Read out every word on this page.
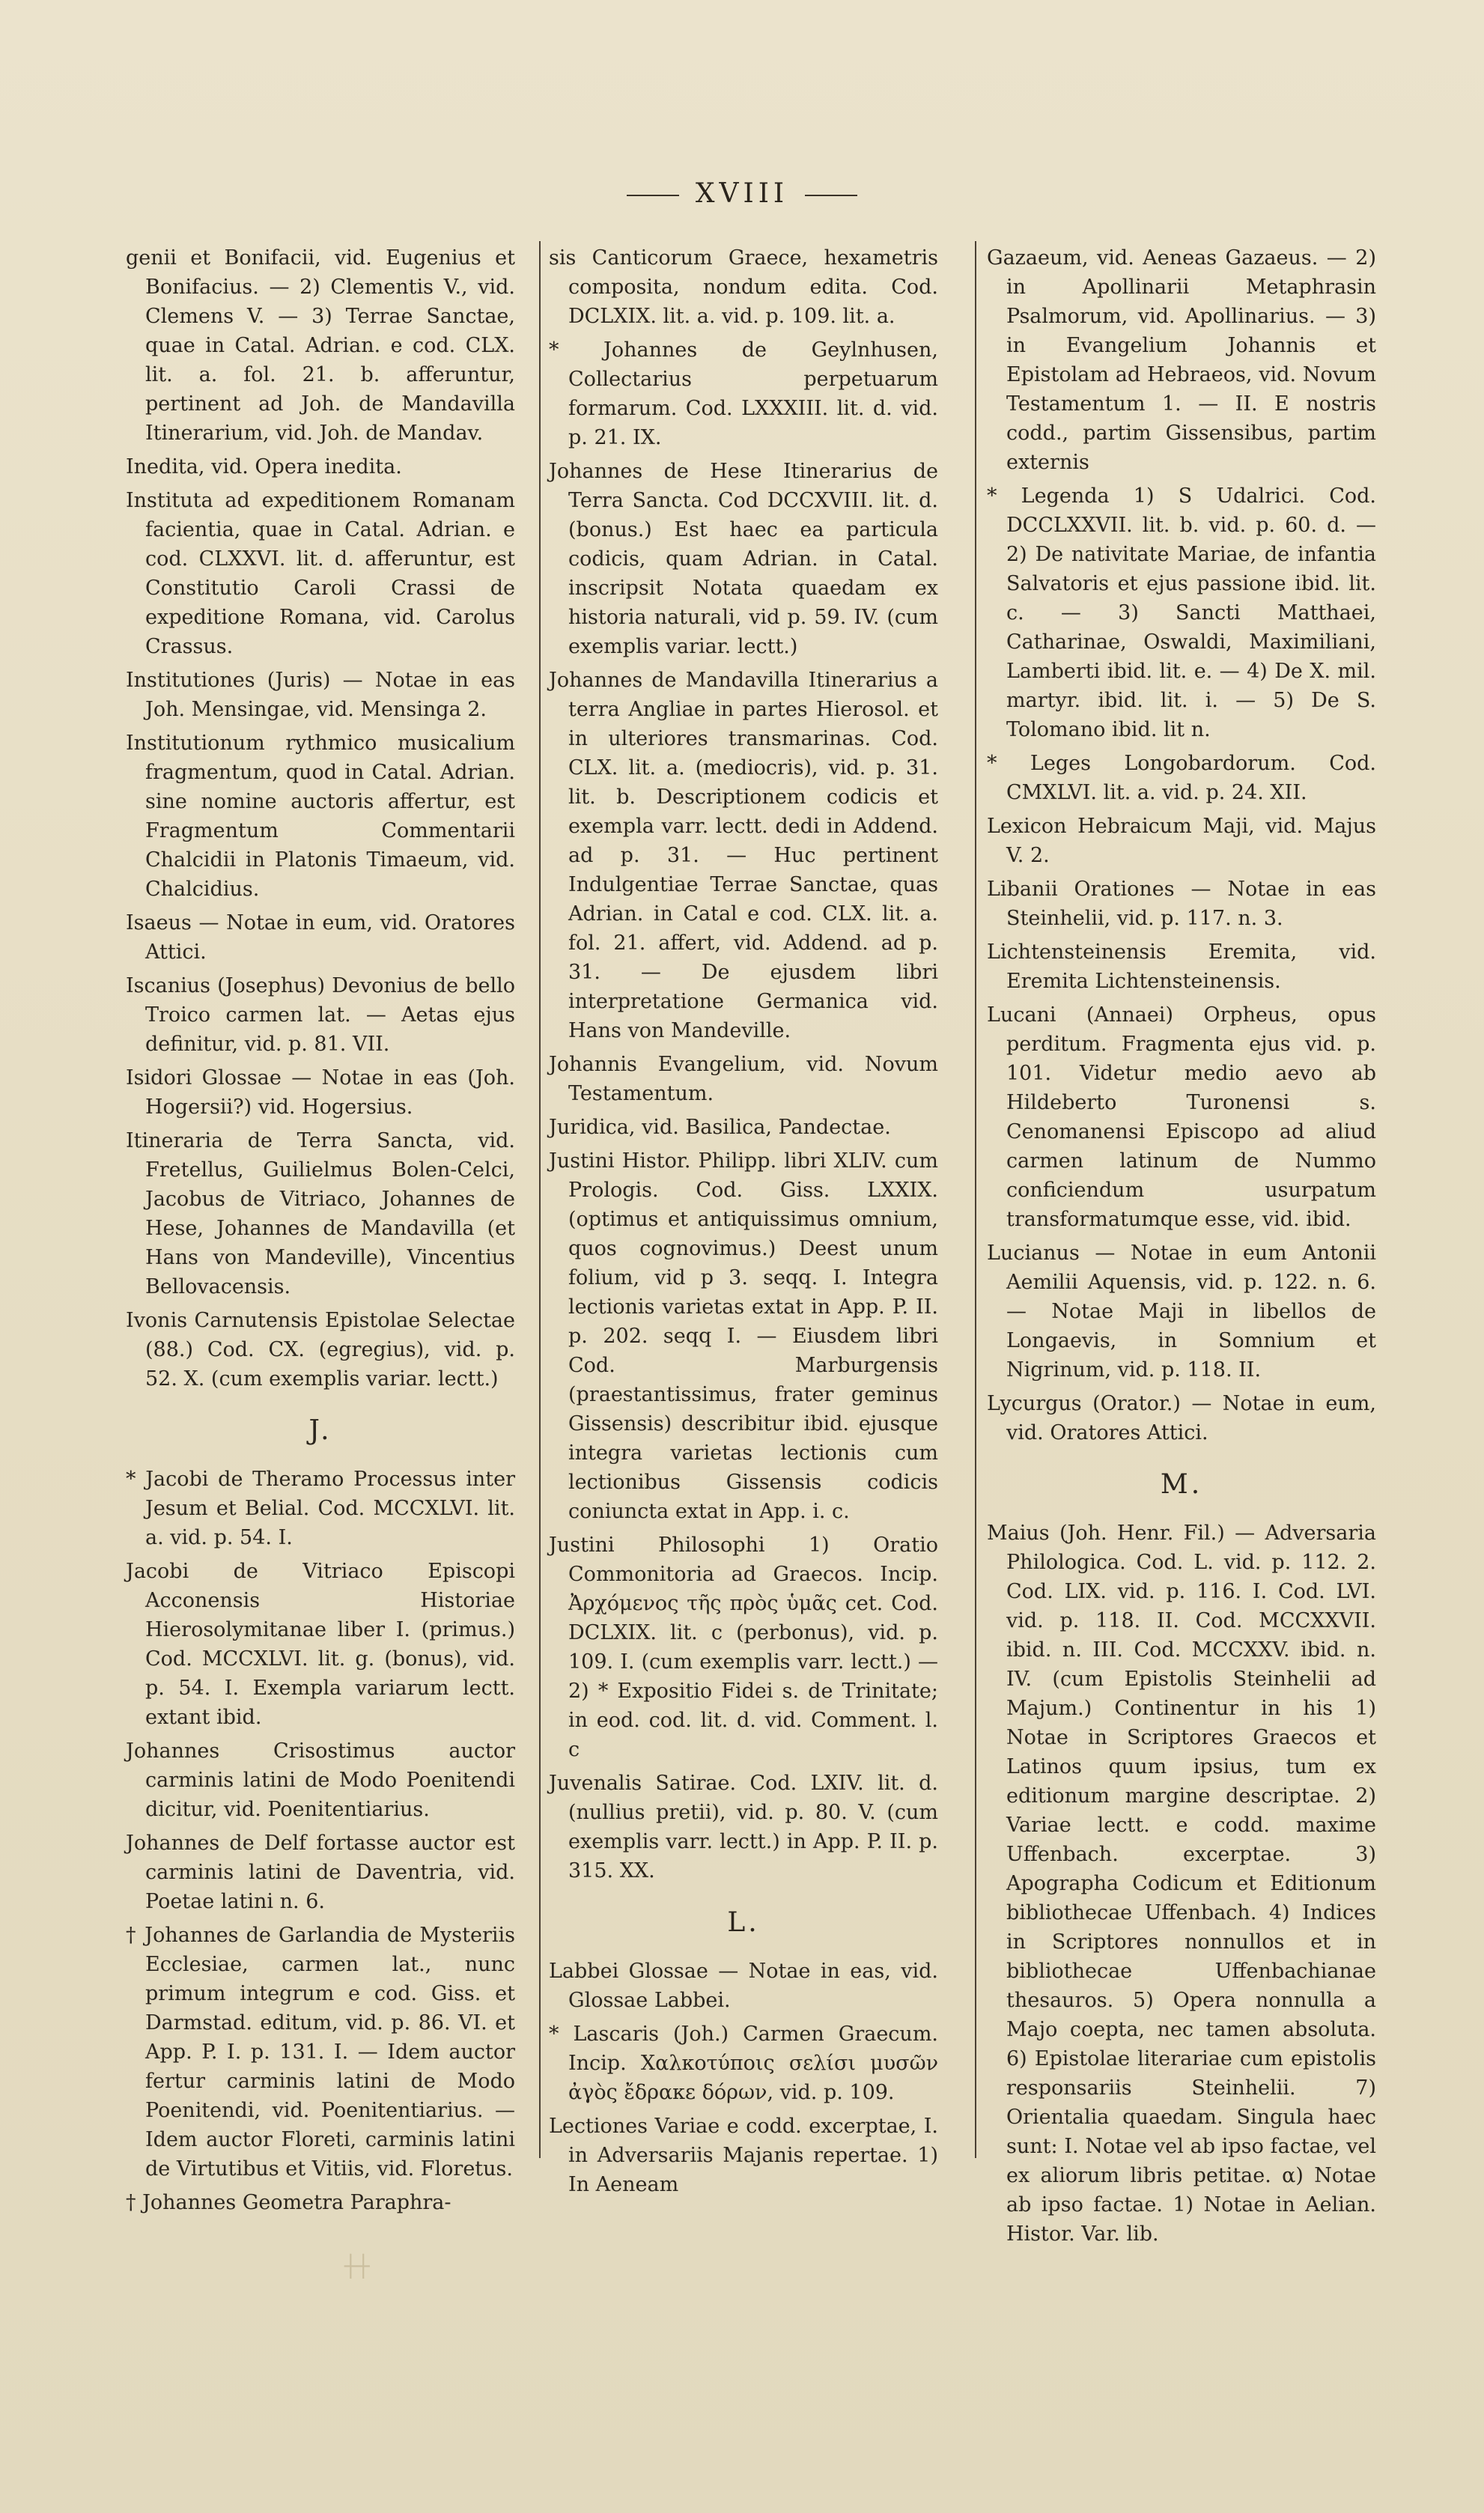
XVIII

genii et Bonifacii, vid. Eugenius et Bonifacius. — 2) Clementis V., vid. Clemens V. — 3) Terrae Sanctae, quae in Catal. Adrian. e cod. CLX. lit. a. fol. 21. b. afferuntur, pertinent ad Joh. de Mandavilla Itinerarium, vid. Joh. de Mandav.

Inedita, vid. Opera inedita.

Instituta ad expeditionem Romanam facientia, quae in Catal. Adrian. e cod. CLXXVI. lit. d. afferuntur, est Constitutio Caroli Crassi de expeditione Romana, vid. Carolus Crassus.

Institutiones (Juris) — Notae in eas Joh. Mensingae, vid. Mensinga 2.

Institutionum rythmico musicalium fragmentum, quod in Catal. Adrian. sine nomine auctoris affertur, est Fragmentum Commentarii Chalcidii in Platonis Timaeum, vid. Chalcidius.

Isaeus — Notae in eum, vid. Oratores Attici.

Iscanius (Josephus) Devonius de bello Troico carmen lat. — Aetas ejus definitur, vid. p. 81. VII.

Isidori Glossae — Notae in eas (Joh. Hogersii?) vid. Hogersius.

Itineraria de Terra Sancta, vid. Fretellus, Guilielmus Bolen-Celci, Jacobus de Vitriaco, Johannes de Hese, Johannes de Mandavilla (et Hans von Mandeville), Vincentius Bellovacensis.

Ivonis Carnutensis Epistolae Selectae (88.) Cod. CX. (egregius), vid. p. 52. X. (cum exemplis variar. lectt.)

J.

* Jacobi de Theramo Processus inter Jesum et Belial. Cod. MCCXLVI. lit. a. vid. p. 54. I.

Jacobi de Vitriaco Episcopi Acconensis Historiae Hierosolymitanae liber I. (primus.) Cod. MCCXLVI. lit. g. (bonus), vid. p. 54. I. Exempla variarum lectt. extant ibid.

Johannes Crisostimus auctor carminis latini de Modo Poenitendi dicitur, vid. Poenitentiarius.

Johannes de Delf fortasse auctor est carminis latini de Daventria, vid. Poetae latini n. 6.

† Johannes de Garlandia de Mysteriis Ecclesiae, carmen lat., nunc primum integrum e cod. Giss. et Darmstad. editum, vid. p. 86. VI. et App. P. I. p. 131. I. — Idem auctor fertur carminis latini de Modo Poenitendi, vid. Poenitentiarius. — Idem auctor Floreti, carminis latini de Virtutibus et Vitiis, vid. Floretus.

† Johannes Geometra Paraphra-

sis Canticorum Graece, hexametris composita, nondum edita. Cod. DCLXIX. lit. a. vid. p. 109. lit. a.

* Johannes de Geylnhusen, Collectarius perpetuarum formarum. Cod. LXXXIII. lit. d. vid. p. 21. IX.

Johannes de Hese Itinerarius de Terra Sancta. Cod DCCXVIII. lit. d. (bonus.) Est haec ea particula codicis, quam Adrian. in Catal. inscripsit Notata quaedam ex historia naturali, vid p. 59. IV. (cum exemplis variar. lectt.)

Johannes de Mandavilla Itinerarius a terra Angliae in partes Hierosol. et in ulteriores transmarinas. Cod. CLX. lit. a. (mediocris), vid. p. 31. lit. b. Descriptionem codicis et exempla varr. lectt. dedi in Addend. ad p. 31. — Huc pertinent Indulgentiae Terrae Sanctae, quas Adrian. in Catal e cod. CLX. lit. a. fol. 21. affert, vid. Addend. ad p. 31. — De ejusdem libri interpretatione Germanica vid. Hans von Mandeville.

Johannis Evangelium, vid. Novum Testamentum.

Juridica, vid. Basilica, Pandectae.

Justini Histor. Philipp. libri XLIV. cum Prologis. Cod. Giss. LXXIX. (optimus et antiquissimus omnium, quos cognovimus.) Deest unum folium, vid p 3. seqq. I. Integra lectionis varietas extat in App. P. II. p. 202. seqq I. — Eiusdem libri Cod. Marburgensis (praestantissimus, frater geminus Gissensis) describitur ibid. ejusque integra varietas lectionis cum lectionibus Gissensis codicis coniuncta extat in App. i. c.

Justini Philosophi 1) Oratio Commonitoria ad Graecos. Incip. Ἀρχόμενος τῆς πρὸς ὑμᾶς cet. Cod. DCLXIX. lit. c (perbonus), vid. p. 109. I. (cum exemplis varr. lectt.) — 2) * Expositio Fidei s. de Trinitate; in eod. cod. lit. d. vid. Comment. l. c

Juvenalis Satirae. Cod. LXIV. lit. d. (nullius pretii), vid. p. 80. V. (cum exemplis varr. lectt.) in App. P. II. p. 315. XX.

L.

Labbei Glossae — Notae in eas, vid. Glossae Labbei.

* Lascaris (Joh.) Carmen Graecum. Incip. Χαλκοτύποις σελίσι μυσῶν ἀγὸς ἔδρακε δόρων, vid. p. 109.

Lectiones Variae e codd. excerptae, I. in Adversariis Majanis repertae. 1) In Aeneam

Gazaeum, vid. Aeneas Gazaeus. — 2) in Apollinarii Metaphrasin Psalmorum, vid. Apollinarius. — 3) in Evangelium Johannis et Epistolam ad Hebraeos, vid. Novum Testamentum 1. — II. E nostris codd., partim Gissensibus, partim externis

* Legenda 1) S Udalrici. Cod. DCCLXXVII. lit. b. vid. p. 60. d. — 2) De nativitate Mariae, de infantia Salvatoris et ejus passione ibid. lit. c. — 3) Sancti Matthaei, Catharinae, Oswaldi, Maximiliani, Lamberti ibid. lit. e. — 4) De X. mil. martyr. ibid. lit. i. — 5) De S. Tolomano ibid. lit n.

* Leges Longobardorum. Cod. CMXLVI. lit. a. vid. p. 24. XII.

Lexicon Hebraicum Maji, vid. Majus V. 2.

Libanii Orationes — Notae in eas Steinhelii, vid. p. 117. n. 3.

Lichtensteinensis Eremita, vid. Eremita Lichtensteinensis.

Lucani (Annaei) Orpheus, opus perditum. Fragmenta ejus vid. p. 101. Videtur medio aevo ab Hildeberto Turonensi s. Cenomanensi Episcopo ad aliud carmen latinum de Nummo conficiendum usurpatum transformatumque esse, vid. ibid.

Lucianus — Notae in eum Antonii Aemilii Aquensis, vid. p. 122. n. 6. — Notae Maji in libellos de Longaevis, in Somnium et Nigrinum, vid. p. 118. II.

Lycurgus (Orator.) — Notae in eum, vid. Oratores Attici.

M.

Maius (Joh. Henr. Fil.) — Adversaria Philologica. Cod. L. vid. p. 112. 2. Cod. LIX. vid. p. 116. I. Cod. LVI. vid. p. 118. II. Cod. MCCXXVII. ibid. n. III. Cod. MCCXXV. ibid. n. IV. (cum Epistolis Steinhelii ad Majum.) Continentur in his 1) Notae in Scriptores Graecos et Latinos quum ipsius, tum ex editionum margine descriptae. 2) Variae lectt. e codd. maxime Uffenbach. excerptae. 3) Apographa Codicum et Editionum bibliothecae Uffenbach. 4) Indices in Scriptores nonnullos et in bibliothecae Uffenbachianae thesauros. 5) Opera nonnulla a Majo coepta, nec tamen absoluta. 6) Epistolae literariae cum epistolis responsariis Steinhelii. 7) Orientalia quaedam. Singula haec sunt: I. Notae vel ab ipso factae, vel ex aliorum libris petitae. α) Notae ab ipso factae. 1) Notae in Aelian. Histor. Var. lib.

┼┼
